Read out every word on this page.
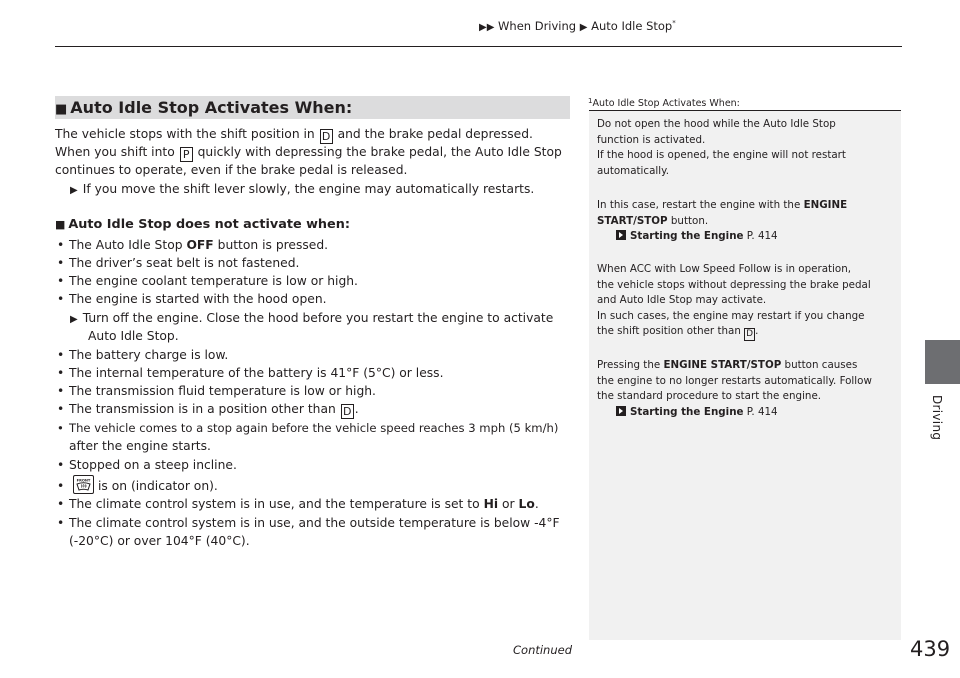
▶▶ When Driving ▶ Auto Idle Stop*
Driving
■ Auto Idle Stop Activates When:
The vehicle stops with the shift position in D and the brake pedal depressed.
When you shift into P quickly with depressing the brake pedal, the Auto Idle Stop
continues to operate, even if the brake pedal is released.
▶ If you move the shift lever slowly, the engine may automatically restarts.
■ Auto Idle Stop does not activate when:
• The Auto Idle Stop OFF button is pressed.
• The driver’s seat belt is not fastened.
• The engine coolant temperature is low or high.
• The engine is started with the hood open.
▶ Turn off the engine. Close the hood before you restart the engine to activate
Auto Idle Stop.
• The battery charge is low.
• The internal temperature of the battery is 41°F (5°C) or less.
• The transmission fluid temperature is low or high.
• The transmission is in a position other than D .
• The vehicle comes to a stop again before the vehicle speed reaches 3 mph (5 km/h)
after the engine starts.
• Stopped on a steep incline.
•	FRONT is on (indicator on).
• The climate control system is in use, and the temperature is set to Hi or Lo.
• The climate control system is in use, and the outside temperature is below -4°F
(-20°C) or over 104°F (40°C).
$^1$Auto Idle Stop Activates When:
Do not open the hood while the Auto Idle Stop
function is activated.
If the hood is opened, the engine will not restart
automatically.
In this case, restart the engine with the ENGINE
START/STOP button.
Starting the Engine P. 414
When ACC with Low Speed Follow is in operation,
the vehicle stops without depressing the brake pedal
and Auto Idle Stop may activate.
In such cases, the engine may restart if you change
the shift position other than D .
Pressing the ENGINE START/STOP button causes
the engine to no longer restarts automatically. Follow
the standard procedure to start the engine.
Starting the Engine P. 414
Continued	439
